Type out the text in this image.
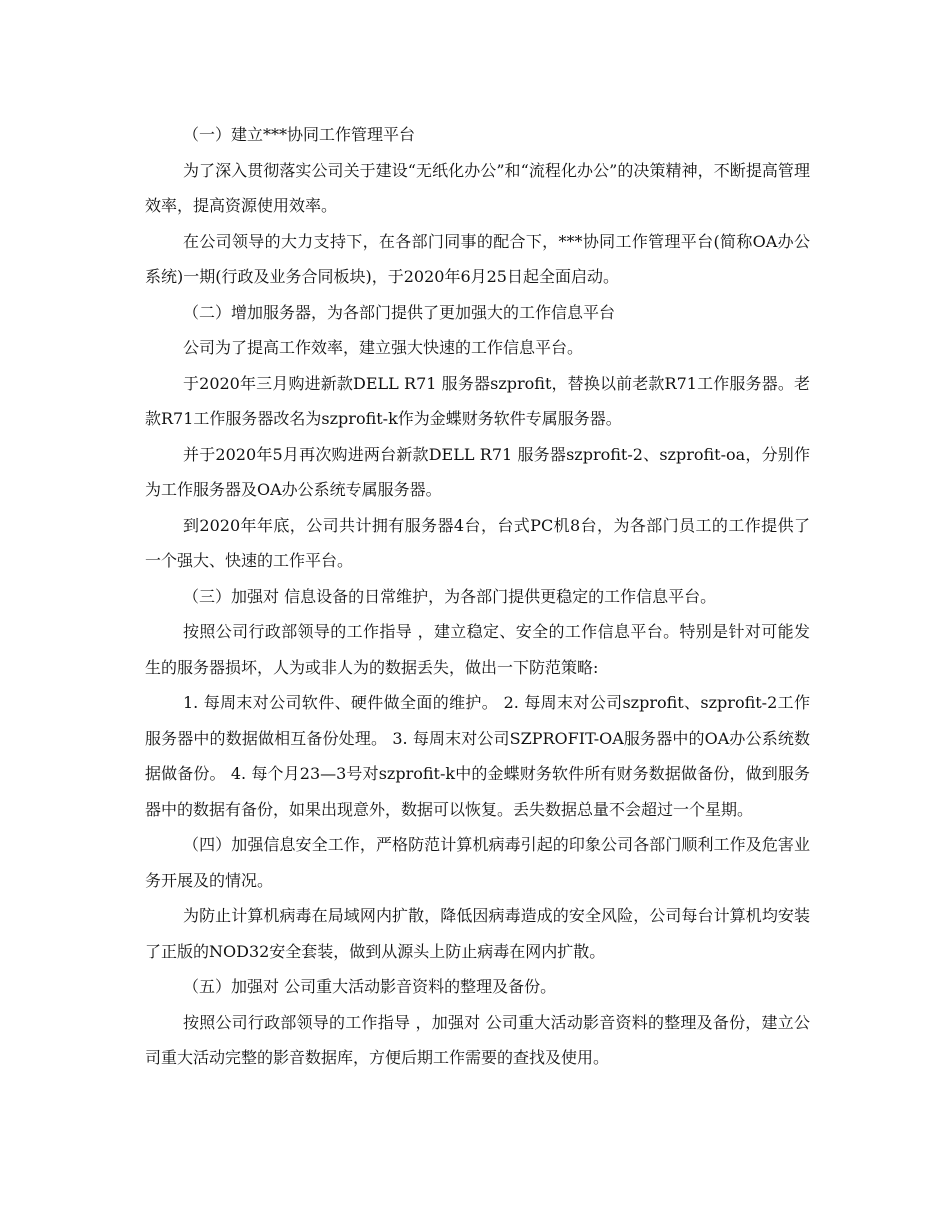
（一）建立***协同工作管理平台

为了深入贯彻落实公司关于建设“无纸化办公”和“流程化办公”的决策精神，不断提高管理效率，提高资源使用效率。

在公司领导的大力支持下，在各部门同事的配合下，***协同工作管理平台(简称OA办公系统)一期(行政及业务合同板块)，于2020年6月25日起全面启动。

（二）增加服务器，为各部门提供了更加强大的工作信息平台

公司为了提高工作效率，建立强大快速的工作信息平台。

于2020年三月购进新款DELL R71 服务器szprofit，替换以前老款R71工作服务器。老款R71工作服务器改名为szprofit-k作为金蝶财务软件专属服务器。

并于2020年5月再次购进两台新款DELL R71 服务器szprofit-2、szprofit-oa，分别作为工作服务器及OA办公系统专属服务器。

到2020年年底，公司共计拥有服务器4台，台式PC机8台，为各部门员工的工作提供了一个强大、快速的工作平台。

（三）加强对 信息设备的日常维护，为各部门提供更稳定的工作信息平台。

按照公司行政部领导的工作指导 ，建立稳定、安全的工作信息平台。特别是针对可能发生的服务器损坏，人为或非人为的数据丢失，做出一下防范策略:

1. 每周末对公司软件、硬件做全面的维护。 2. 每周末对公司szprofit、szprofit-2工作服务器中的数据做相互备份处理。 3. 每周末对公司SZPROFIT-OA服务器中的OA办公系统数据做备份。 4. 每个月23—3号对szprofit-k中的金蝶财务软件所有财务数据做备份，做到服务器中的数据有备份，如果出现意外，数据可以恢复。丢失数据总量不会超过一个星期。

（四）加强信息安全工作，严格防范计算机病毒引起的印象公司各部门顺利工作及危害业务开展及的情况。

为防止计算机病毒在局域网内扩散，降低因病毒造成的安全风险，公司每台计算机均安装了正版的NOD32安全套装，做到从源头上防止病毒在网内扩散。

（五）加强对 公司重大活动影音资料的整理及备份。

按照公司行政部领导的工作指导 ，加强对 公司重大活动影音资料的整理及备份，建立公司重大活动完整的影音数据库，方便后期工作需要的查找及使用。
